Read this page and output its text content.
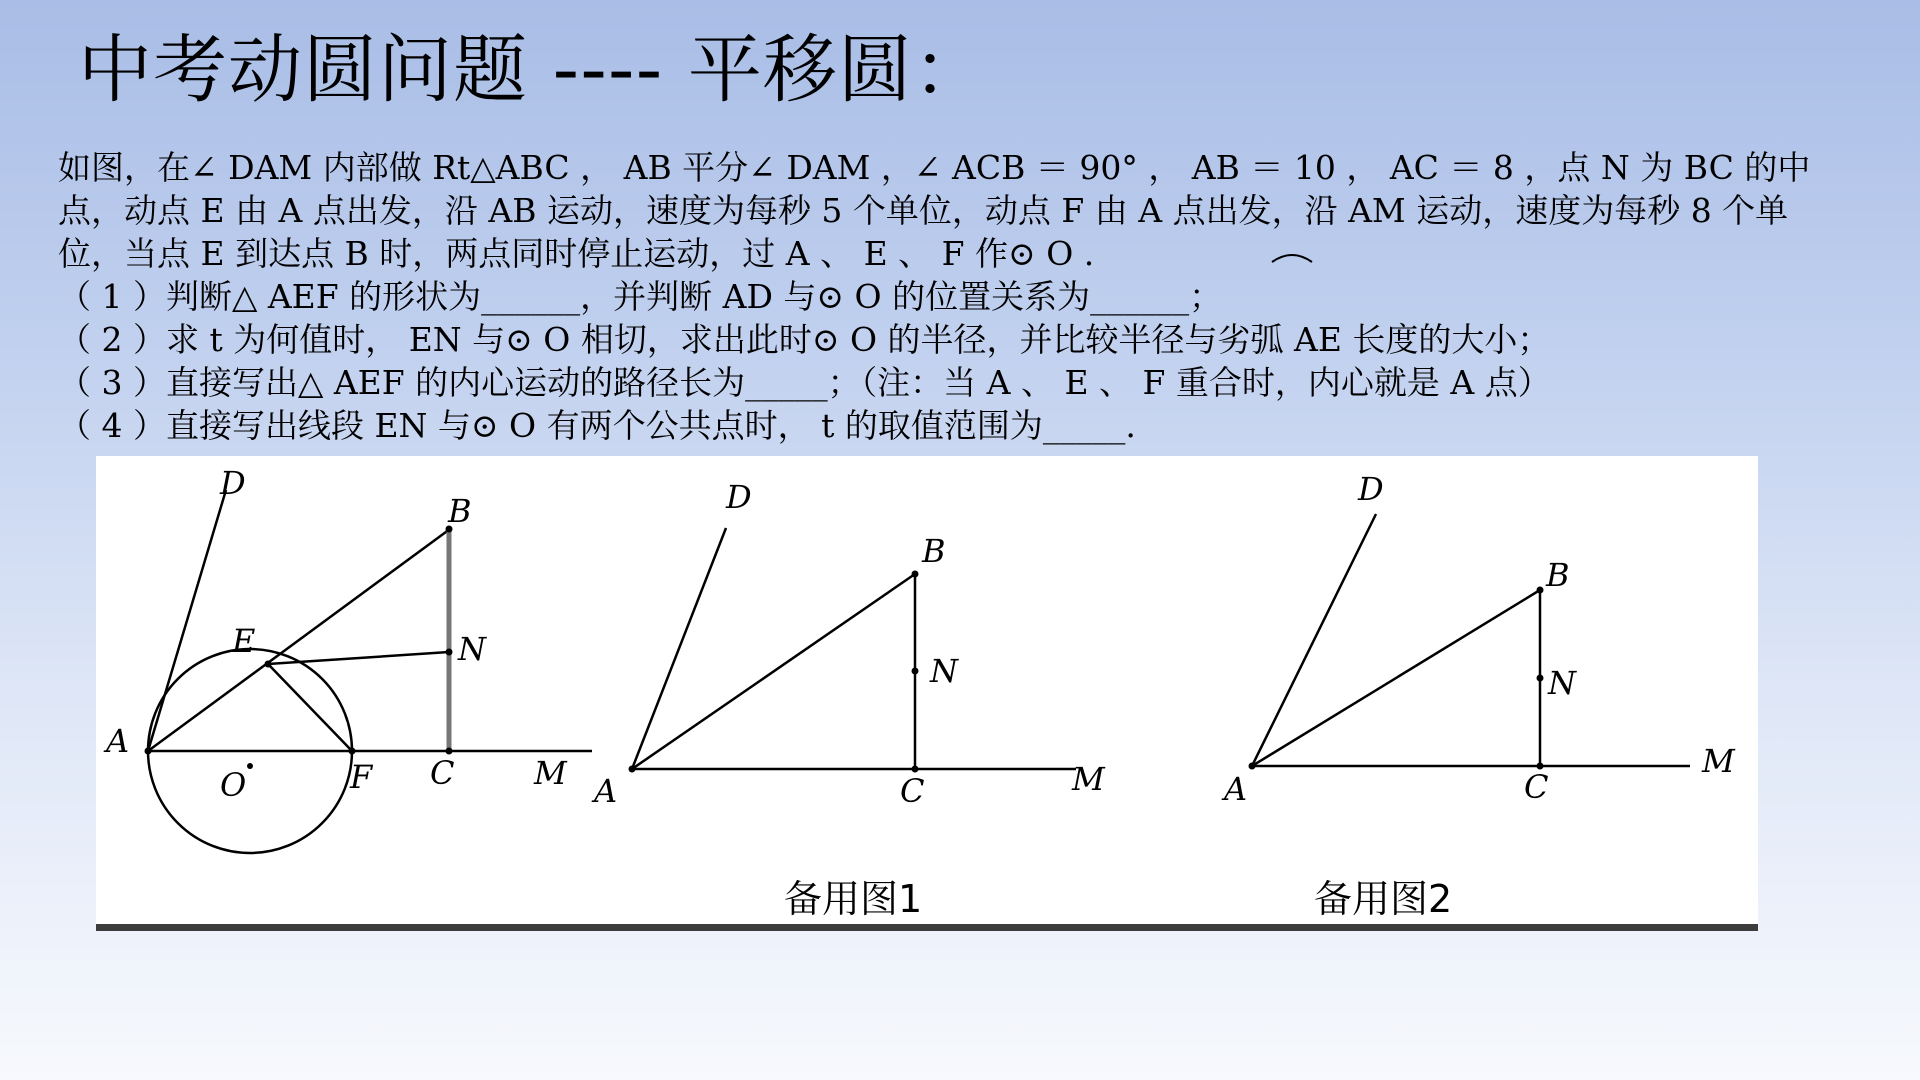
中考动圆问题 ---- 平移圆：

如图，在∠ DAM 内部做 Rt△ABC ， AB 平分∠ DAM ，∠ ACB ＝ 90° ， AB ＝ 10 ， AC ＝ 8 ，点 N 为 BC 的中

点，动点 E 由 A 点出发，沿 AB 运动，速度为每秒 5 个单位，动点 F 由 A 点出发，沿 AM 运动，速度为每秒 8 个单

位，当点 E 到达点 B 时，两点同时停止运动，过 A 、 E 、 F 作⊙ O .

（ 1 ）判断△ AEF 的形状为______，并判断 AD 与⊙ O 的位置关系为______；

（ 2 ）求 t 为何值时， EN 与⊙ O 相切，求出此时⊙ O 的半径，并比较半径与劣弧 AE 长度的大小；

（ 3 ）直接写出△ AEF 的内心运动的路径长为_____；（注：当 A 、 E 、 F 重合时，内心就是 A 点）

（ 4 ）直接写出线段 EN 与⊙ O 有两个公共点时， t 的取值范围为_____.

D
B
E	N
A
O	F C M
D
B
N
A	C	M
D
B
N
A	C
M
备用图1	备用图2
